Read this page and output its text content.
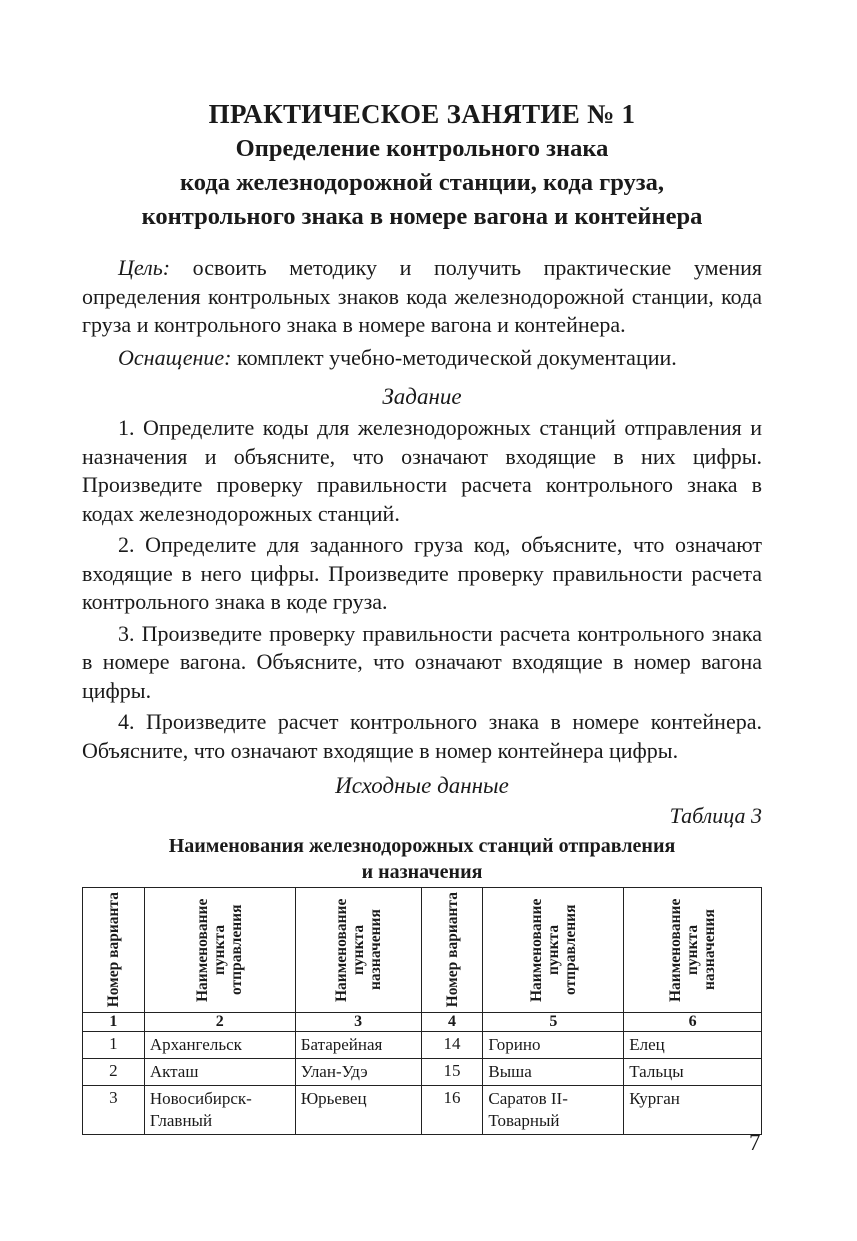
ПРАКТИЧЕСКОЕ ЗАНЯТИЕ № 1
Определение контрольного знака
кода железнодорожной станции, кода груза,
контрольного знака в номере вагона и контейнера

Цель: освоить методику и получить практические умения определения контрольных знаков кода железнодорожной станции, кода груза и контрольного знака в номере вагона и контейнера.

Оснащение: комплект учебно-методической документации.

Задание

1. Определите коды для железнодорожных станций отправления и назначения и объясните, что означают входящие в них цифры. Произведите проверку правильности расчета контрольного знака в кодах железнодорожных станций.

2. Определите для заданного груза код, объясните, что означают входящие в него цифры. Произведите проверку правильности расчета контрольного знака в коде груза.

3. Произведите проверку правильности расчета контрольного знака в номере вагона. Объясните, что означают входящие в номер вагона цифры.

4. Произведите расчет контрольного знака в номере контейнера. Объясните, что означают входящие в номер контейнера цифры.

Исходные данные
Таблица 3
Наименования железнодорожных станций отправления
и назначения
Номер варианта	Наименование пункта отправления	Наименование пункта назначения	Номер варианта	Наименование пункта отправления	Наименование пункта назначения

1	2	3	4	5	6
1	Архангельск	Батарейная	14	Горино	Елец
2	Акташ	Улан-Удэ	15	Выша	Тальцы
3	Новосибирск-Главный	Юрьевец	16	Саратов II-Товарный	Курган
7
